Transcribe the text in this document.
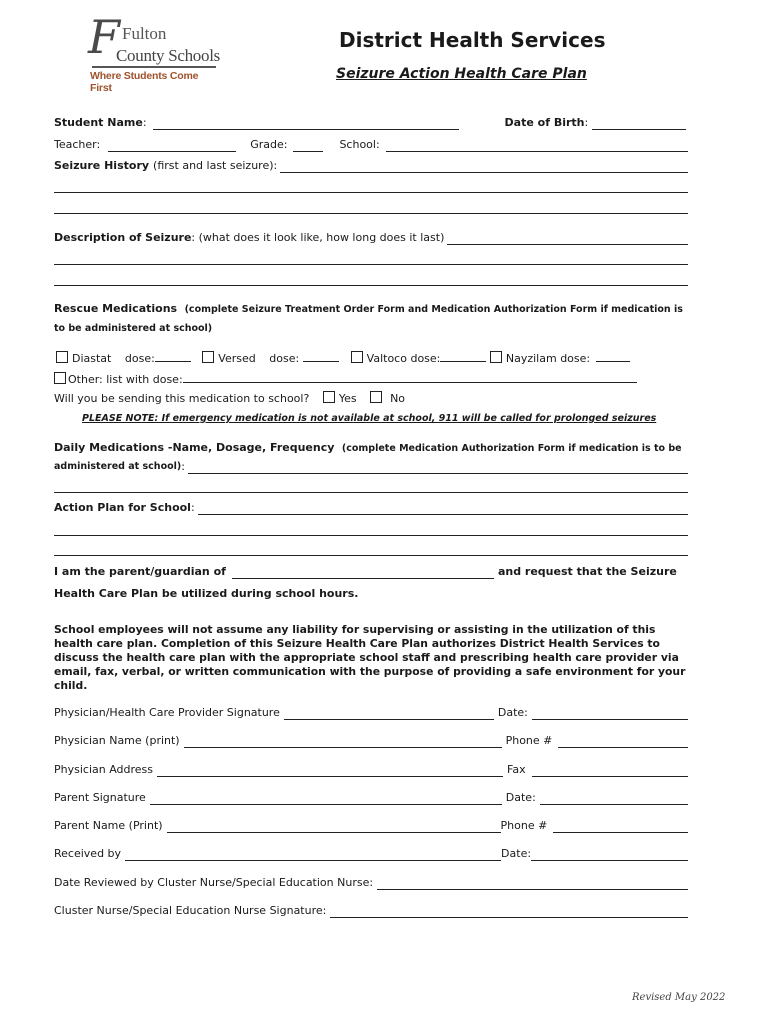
F Fulton
County Schools
Where Students Come First
District Health Services
Seizure Action Health Care Plan
Student Name :	Date of Birth :
Teacher:	Grade:	School:
Seizure History (first and last seizure):
Description of Seizure : (what does it look like, how long does it last)
Rescue Medications (complete Seizure Treatment Order Form and Medication Authorization Form if medication is
to be administered at school)
Diastat dose:	Versed dose:	Valtoco dose:	Nayzilam dose:
Other: list with dose:
Will you be sending this medication to school?	Yes	No
PLEASE NOTE: If emergency medication is not available at school, 911 will be called for prolonged seizures
Daily Medications -Name, Dosage, Frequency (complete Medication Authorization Form if medication is to be
administered at school) :
Action Plan for School :
I am the parent/guardian of	and request that the Seizure
Health Care Plan be utilized during school hours.
School employees will not assume any liability for supervising or assisting in the utilization of this
health care plan. Completion of this Seizure Health Care Plan authorizes District Health Services to
discuss the health care plan with the appropriate school staff and prescribing health care provider via
email, fax, verbal, or written communication with the purpose of providing a safe environment for your
child.
Physician/Health Care Provider Signature	Date:
Physician Name (print)	Phone #
Physician Address	Fax
Parent Signature	Date:
Parent Name (Print)	Phone #
Received by	Date:
Date Reviewed by Cluster Nurse/Special Education Nurse:
Cluster Nurse/Special Education Nurse Signature:
Revised May 2022
